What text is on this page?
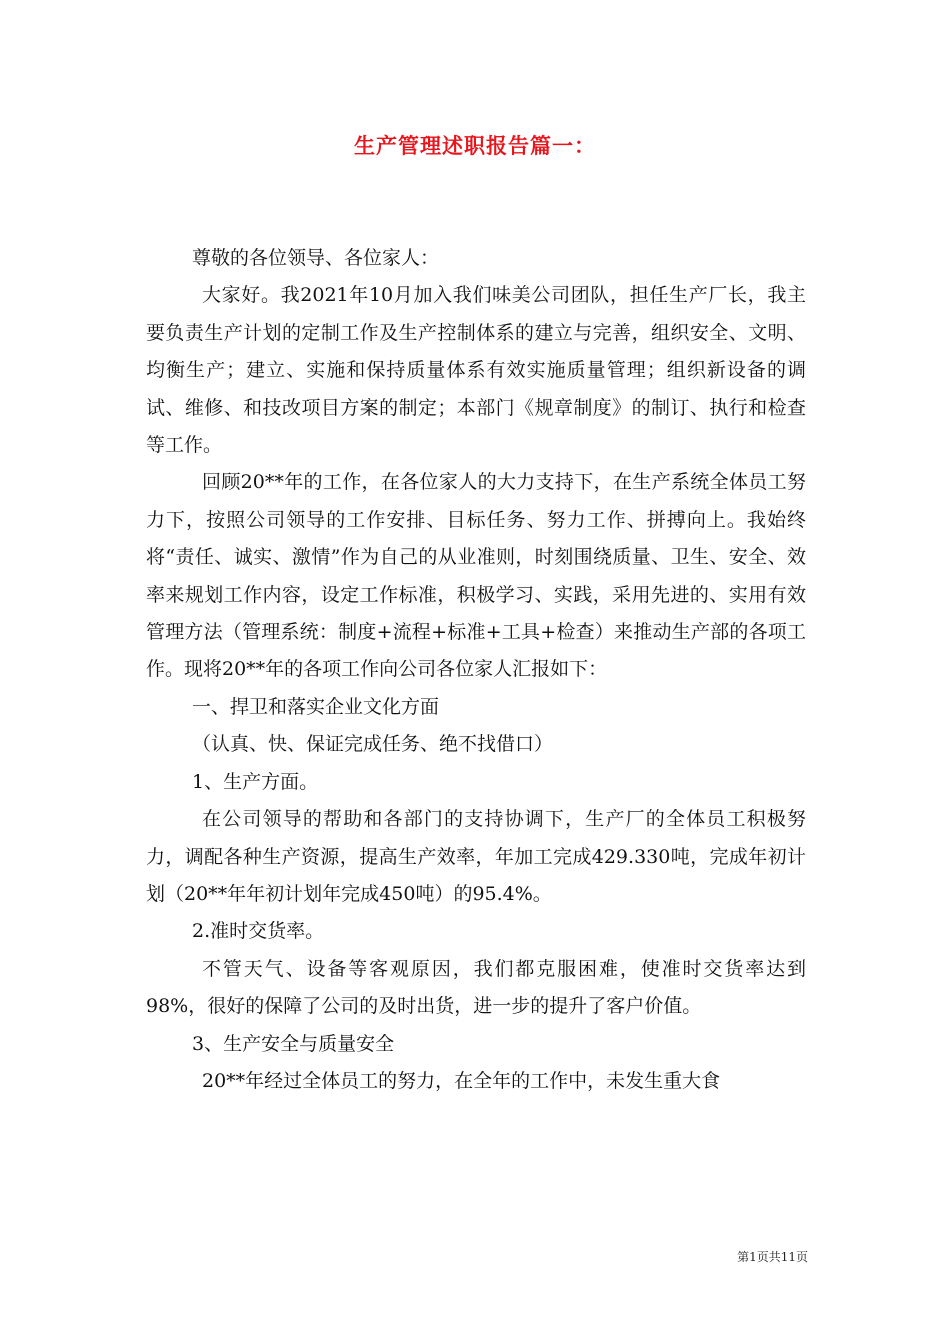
生产管理述职报告篇一：

尊敬的各位领导、各位家人：

大家好。我2021年10月加入我们味美公司团队，担任生产厂长，我主要负责生产计划的定制工作及生产控制体系的建立与完善，组织安全、文明、均衡生产；建立、实施和保持质量体系有效实施质量管理；组织新设备的调试、维修、和技改项目方案的制定；本部门《规章制度》的制订、执行和检查等工作。

回顾20**年的工作，在各位家人的大力支持下，在生产系统全体员工努力下，按照公司领导的工作安排、目标任务、努力工作、拼搏向上。我始终将“责任、诚实、激情”作为自己的从业准则，时刻围绕质量、卫生、安全、效率来规划工作内容，设定工作标准，积极学习、实践，采用先进的、实用有效管理方法（管理系统：制度+流程+标准+工具+检查）来推动生产部的各项工作。现将20**年的各项工作向公司各位家人汇报如下：

一、捍卫和落实企业文化方面

（认真、快、保证完成任务、绝不找借口）

1、生产方面。

在公司领导的帮助和各部门的支持协调下，生产厂的全体员工积极努力，调配各种生产资源，提高生产效率，年加工完成429.330吨，完成年初计划（20**年年初计划年完成450吨）的95.4%。

2.准时交货率。

不管天气、设备等客观原因，我们都克服困难，使准时交货率达到98%，很好的保障了公司的及时出货，进一步的提升了客户价值。

3、生产安全与质量安全

20**年经过全体员工的努力，在全年的工作中，未发生重大食

第1页共11页
